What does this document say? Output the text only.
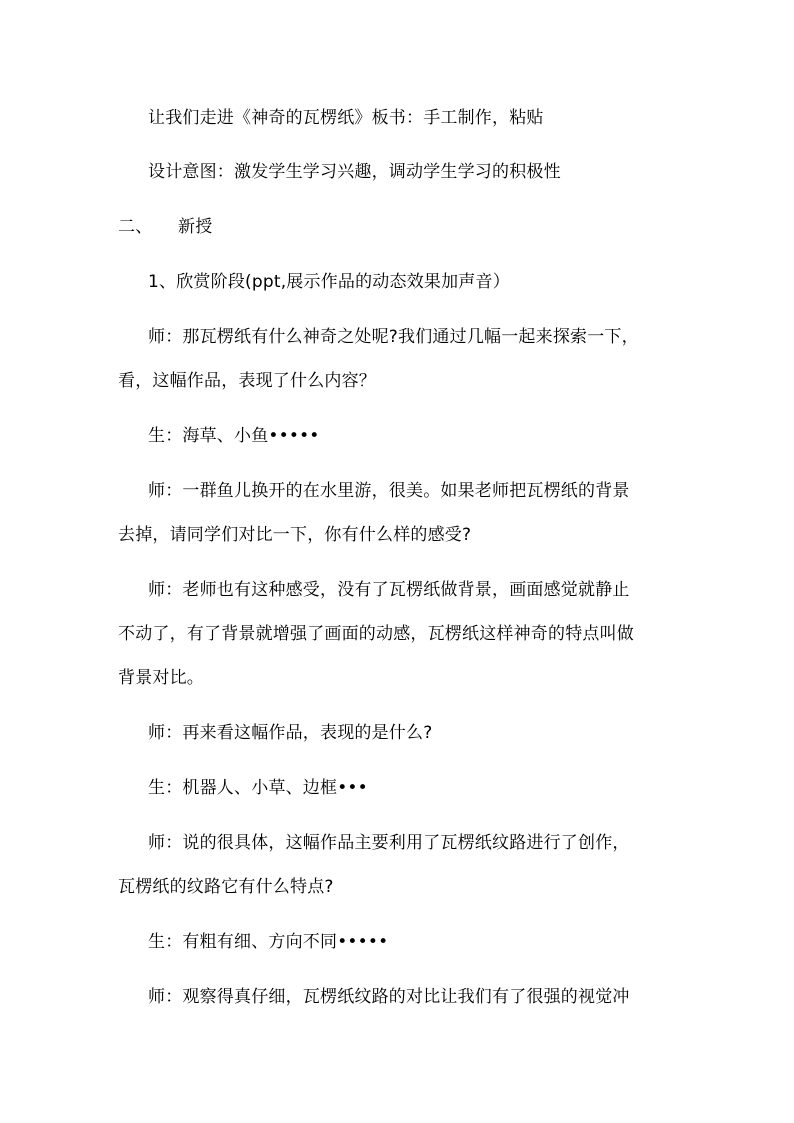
让我们走进《神奇的瓦楞纸》板书：手工制作，粘贴
设计意图：激发学生学习兴趣，调动学生学习的积极性
二、 新授
1、欣赏阶段(ppt,展示作品的动态效果加声音）
师：那瓦楞纸有什么神奇之处呢?我们通过几幅一起来探索一下，
看，这幅作品，表现了什么内容？
生：海草、小鱼•••••
师：一群鱼儿换开的在水里游，很美。如果老师把瓦楞纸的背景
去掉，请同学们对比一下，你有什么样的感受?
师：老师也有这种感受，没有了瓦楞纸做背景，画面感觉就静止
不动了，有了背景就增强了画面的动感，瓦楞纸这样神奇的特点叫做
背景对比。
师：再来看这幅作品，表现的是什么?
生：机器人、小草、边框•••
师：说的很具体，这幅作品主要利用了瓦楞纸纹路进行了创作，
瓦楞纸的纹路它有什么特点?
生：有粗有细、方向不同•••••
师：观察得真仔细，瓦楞纸纹路的对比让我们有了很强的视觉冲
